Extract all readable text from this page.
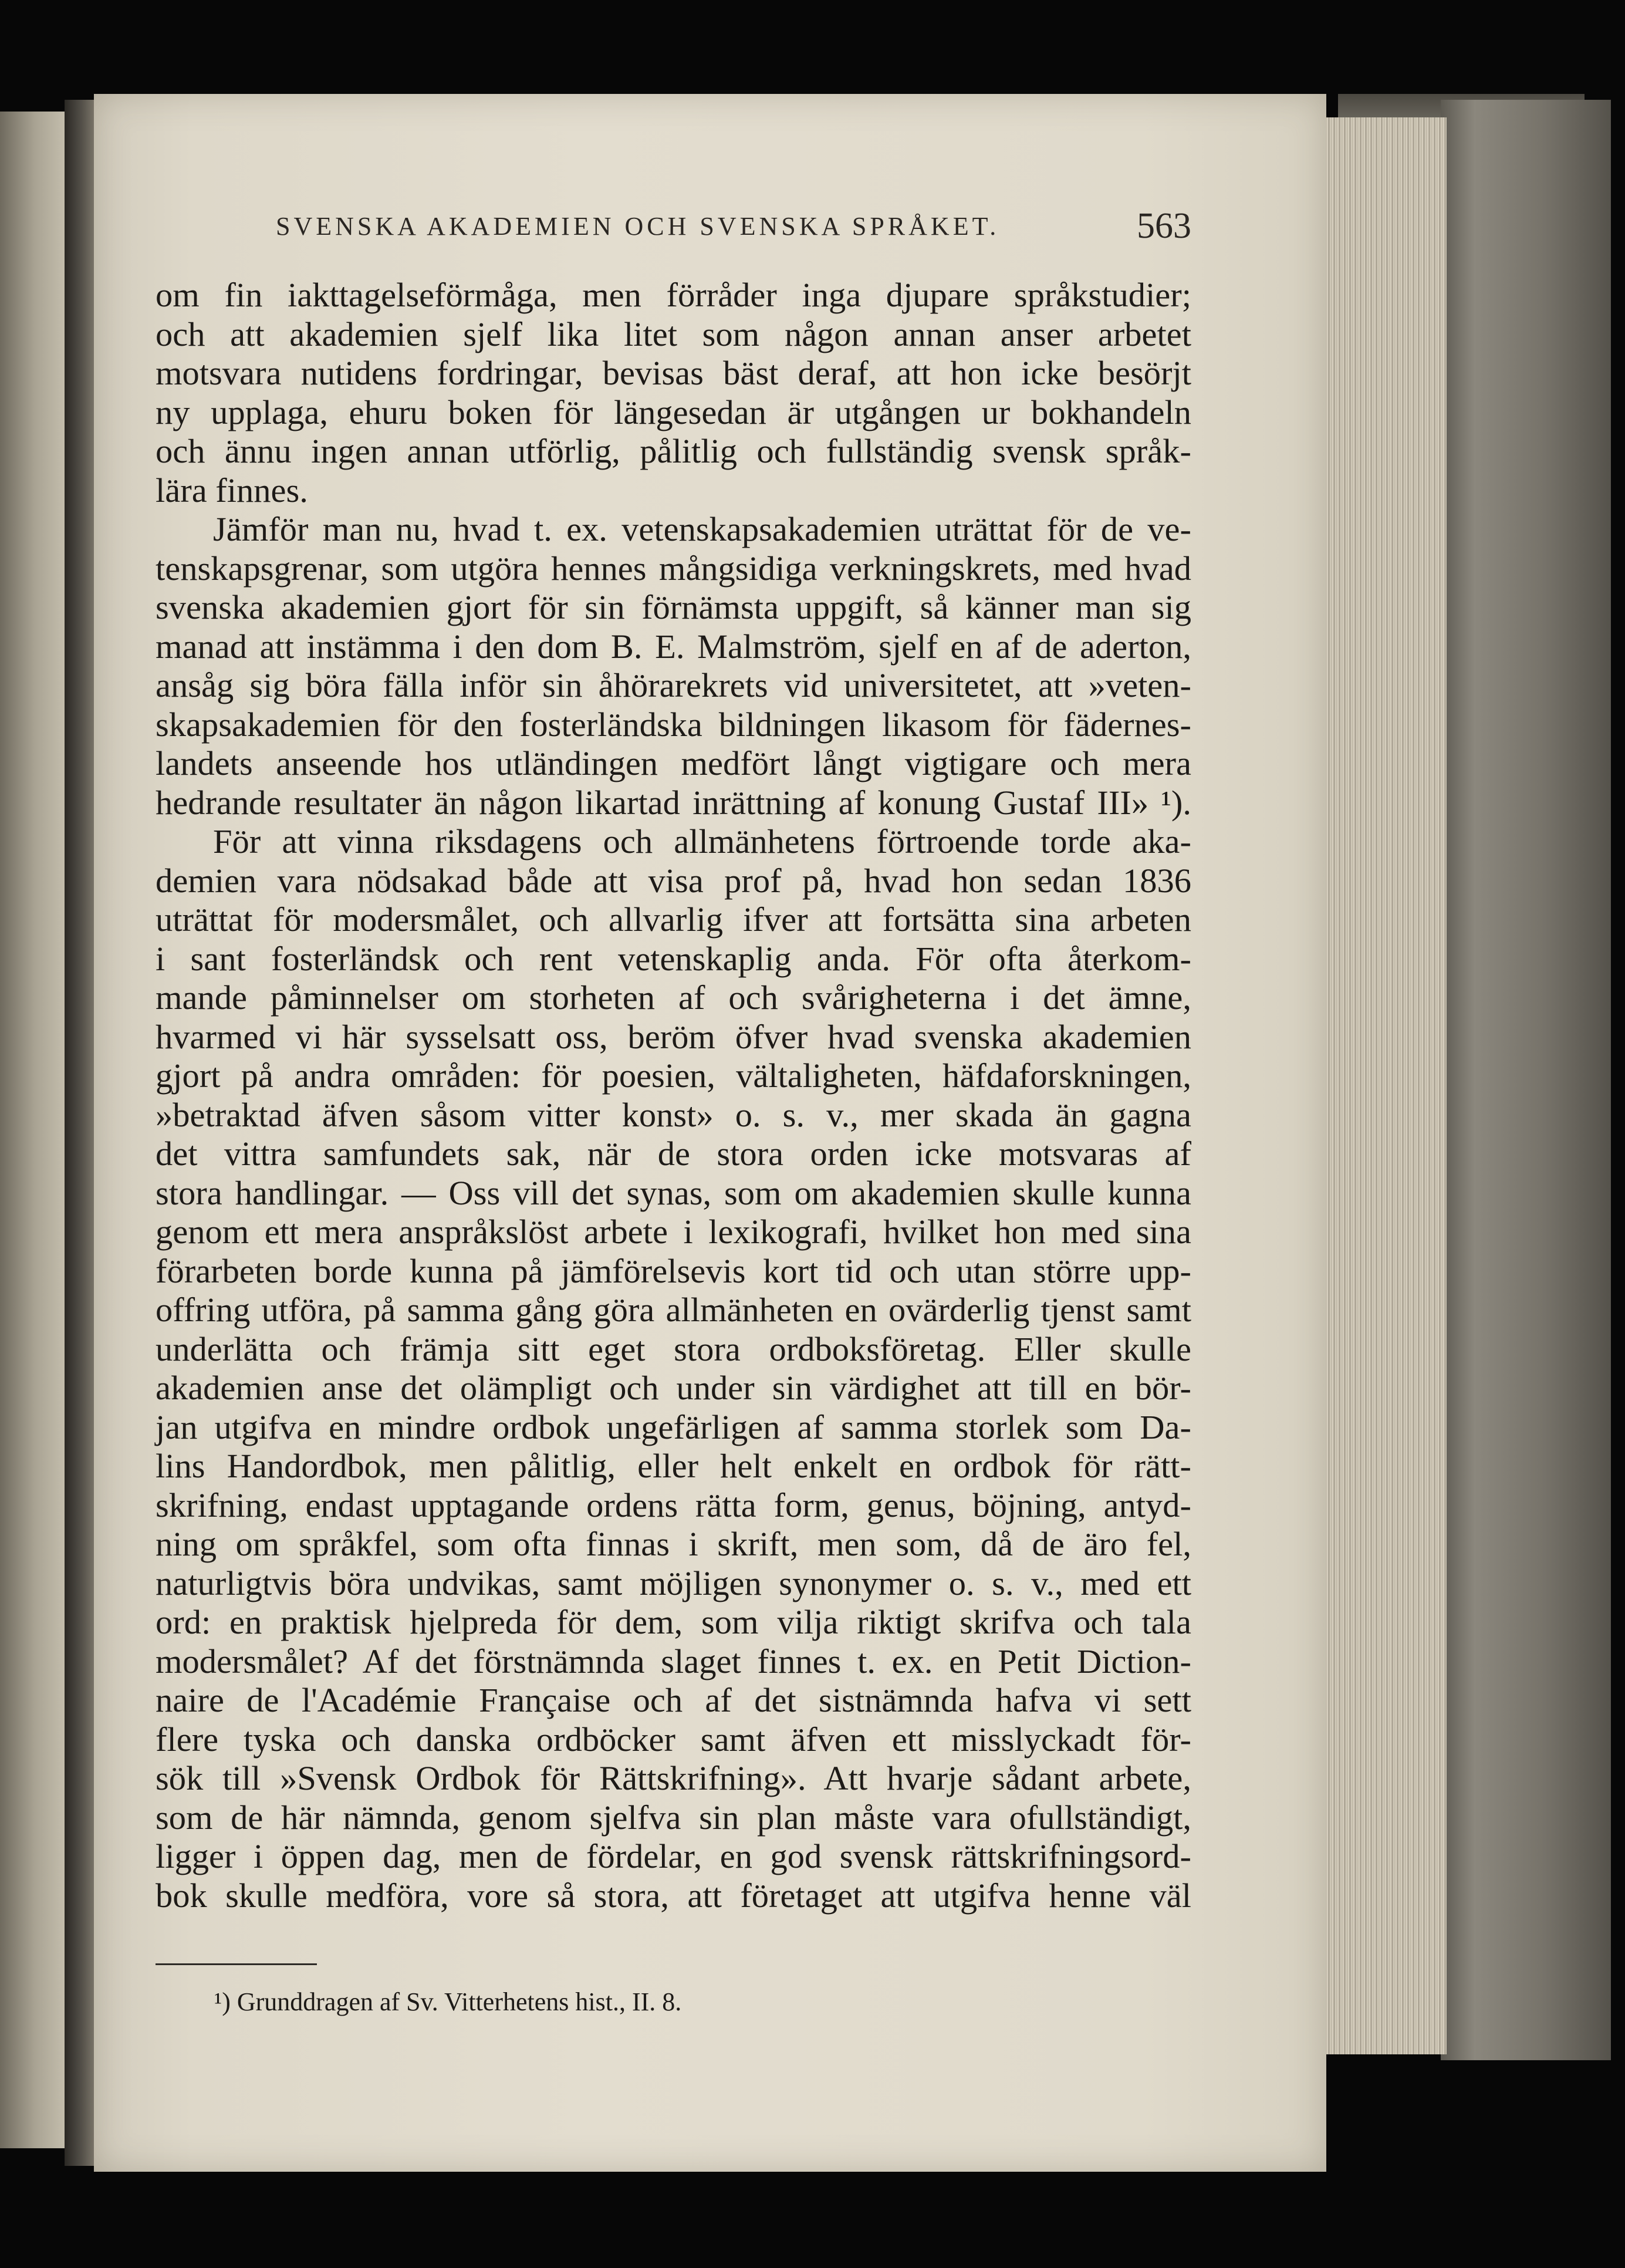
SVENSKA AKADEMIEN OCH SVENSKA SPRÅKET.	563
om fin iakttagelseförmåga, men förråder inga djupare språkstudier;
och att akademien sjelf lika litet som någon annan anser arbetet
motsvara nutidens fordringar, bevisas bäst deraf, att hon icke besörjt
ny upplaga, ehuru boken för längesedan är utgången ur bokhandeln
och ännu ingen annan utförlig, pålitlig och fullständig svensk språk-
lära finnes.
Jämför man nu, hvad t. ex. vetenskapsakademien uträttat för de ve-
tenskapsgrenar, som utgöra hennes mångsidiga verkningskrets, med hvad
svenska akademien gjort för sin förnämsta uppgift, så känner man sig
manad att instämma i den dom B. E. Malmström, sjelf en af de aderton,
ansåg sig böra fälla inför sin åhörarekrets vid universitetet, att »veten-
skapsakademien för den fosterländska bildningen likasom för fädernes-
landets anseende hos utländingen medfört långt vigtigare och mera
hedrande resultater än någon likartad inrättning af konung Gustaf III» ¹).
För att vinna riksdagens och allmänhetens förtroende torde aka-
demien vara nödsakad både att visa prof på, hvad hon sedan 1836
uträttat för modersmålet, och allvarlig ifver att fortsätta sina arbeten
i sant fosterländsk och rent vetenskaplig anda. För ofta återkom-
mande påminnelser om storheten af och svårigheterna i det ämne,
hvarmed vi här sysselsatt oss, beröm öfver hvad svenska akademien
gjort på andra områden: för poesien, vältaligheten, häfdaforskningen,
»betraktad äfven såsom vitter konst» o. s. v., mer skada än gagna
det vittra samfundets sak, när de stora orden icke motsvaras af
stora handlingar. — Oss vill det synas, som om akademien skulle kunna
genom ett mera anspråkslöst arbete i lexikografi, hvilket hon med sina
förarbeten borde kunna på jämförelsevis kort tid och utan större upp-
offring utföra, på samma gång göra allmänheten en ovärderlig tjenst samt
underlätta och främja sitt eget stora ordboksföretag. Eller skulle
akademien anse det olämpligt och under sin värdighet att till en bör-
jan utgifva en mindre ordbok ungefärligen af samma storlek som Da-
lins Handordbok, men pålitlig, eller helt enkelt en ordbok för rätt-
skrifning, endast upptagande ordens rätta form, genus, böjning, antyd-
ning om språkfel, som ofta finnas i skrift, men som, då de äro fel,
naturligtvis böra undvikas, samt möjligen synonymer o. s. v., med ett
ord: en praktisk hjelpreda för dem, som vilja riktigt skrifva och tala
modersmålet? Af det förstnämnda slaget finnes t. ex. en Petit Diction-
naire de l'Académie Française och af det sistnämnda hafva vi sett
flere tyska och danska ordböcker samt äfven ett misslyckadt för-
sök till »Svensk Ordbok för Rättskrifning». Att hvarje sådant arbete,
som de här nämnda, genom sjelfva sin plan måste vara ofullständigt,
ligger i öppen dag, men de fördelar, en god svensk rättskrifningsord-
bok skulle medföra, vore så stora, att företaget att utgifva henne väl
¹) Grunddragen af Sv. Vitterhetens hist., II. 8.
